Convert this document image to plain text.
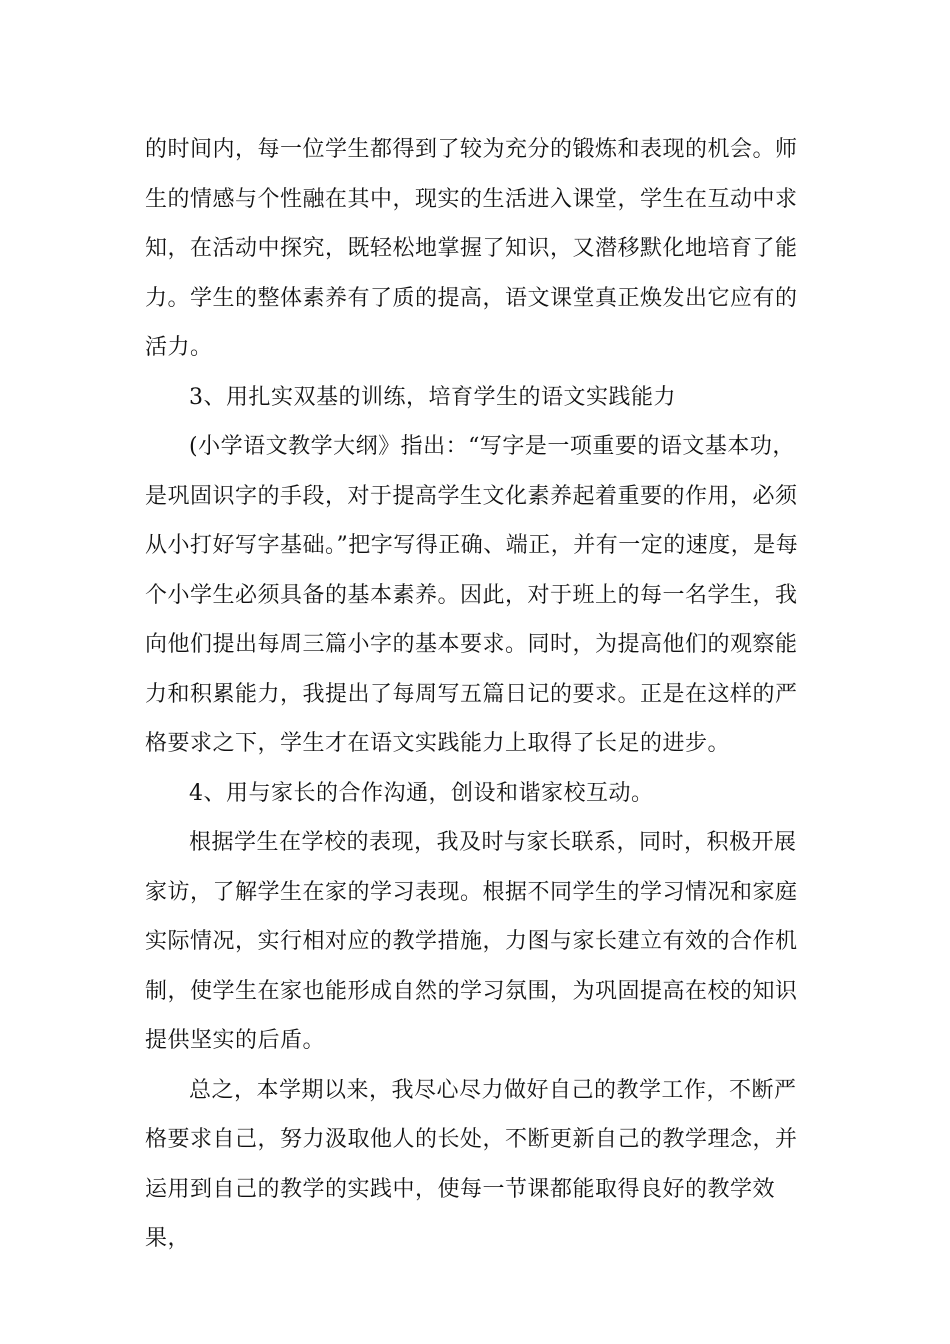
的时间内，每一位学生都得到了较为充分的锻炼和表现的机会。师生的情感与个性融在其中，现实的生活进入课堂，学生在互动中求知，在活动中探究，既轻松地掌握了知识，又潜移默化地培育了能力。学生的整体素养有了质的提高，语文课堂真正焕发出它应有的活力。

3、用扎实双基的训练，培育学生的语文实践能力

(小学语文教学大纲》指出：“写字是一项重要的语文基本功，是巩固识字的手段，对于提高学生文化素养起着重要的作用，必须从小打好写字基础。”把字写得正确、端正，并有一定的速度，是每个小学生必须具备的基本素养。因此，对于班上的每一名学生，我向他们提出每周三篇小字的基本要求。同时，为提高他们的观察能力和积累能力，我提出了每周写五篇日记的要求。正是在这样的严格要求之下，学生才在语文实践能力上取得了长足的进步。

4、用与家长的合作沟通，创设和谐家校互动。

根据学生在学校的表现，我及时与家长联系，同时，积极开展家访，了解学生在家的学习表现。根据不同学生的学习情况和家庭实际情况，实行相对应的教学措施，力图与家长建立有效的合作机制，使学生在家也能形成自然的学习氛围，为巩固提高在校的知识提供坚实的后盾。

总之，本学期以来，我尽心尽力做好自己的教学工作，不断严格要求自己，努力汲取他人的长处，不断更新自己的教学理念，并运用到自己的教学的实践中，使每一节课都能取得良好的教学效果，
